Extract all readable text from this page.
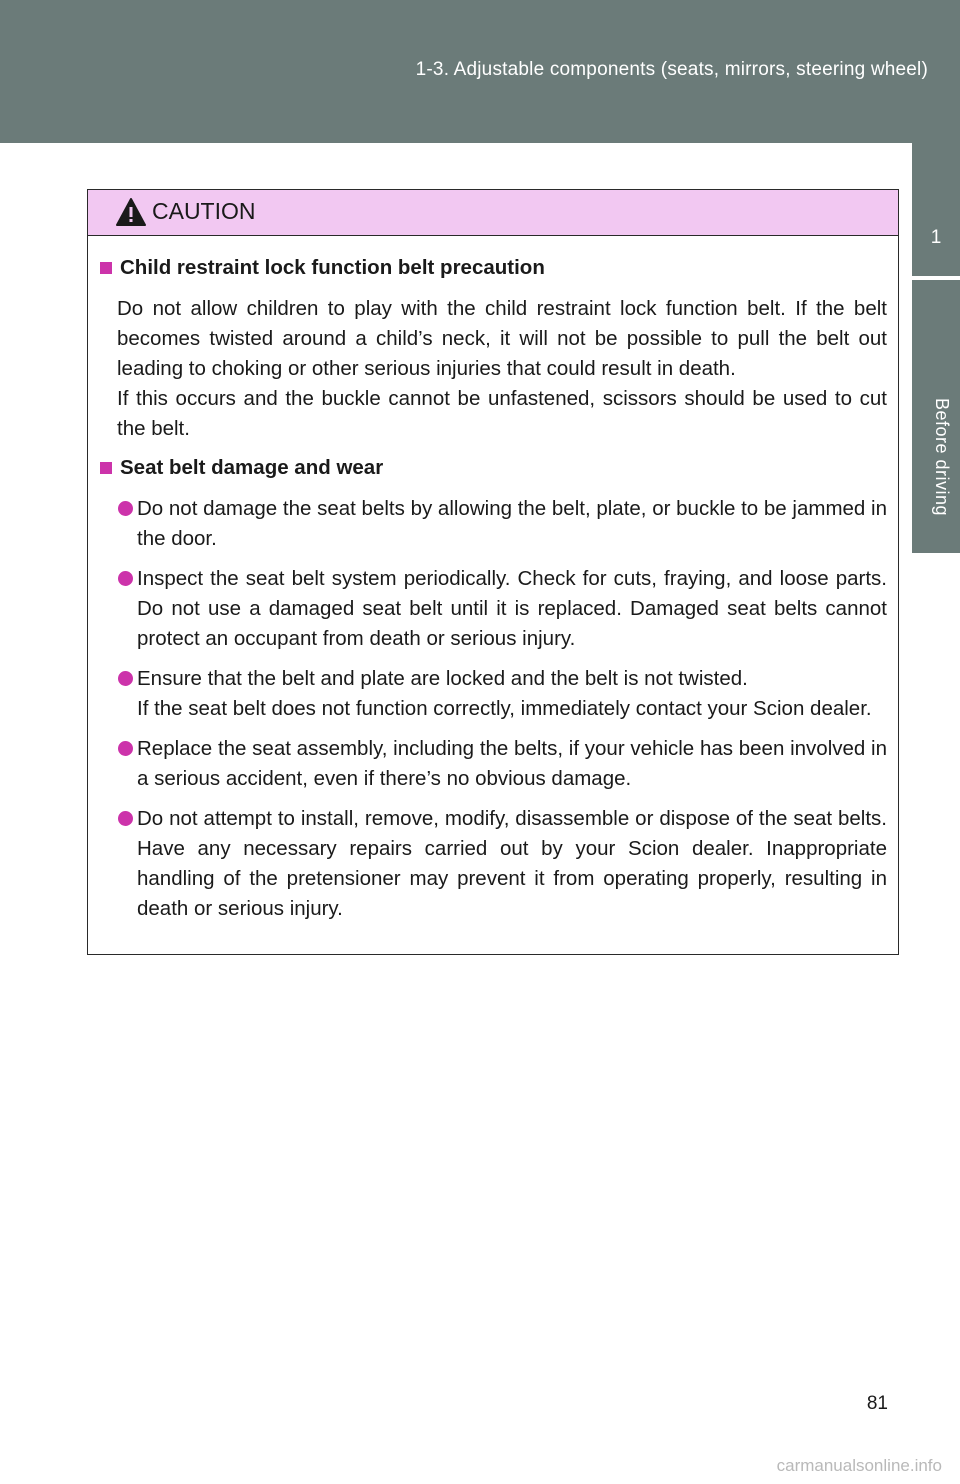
1-3. Adjustable components (seats, mirrors, steering wheel)
1
Before driving
CAUTION
Child restraint lock function belt precaution
Do not allow children to play with the child restraint lock function belt. If the belt becomes twisted around a child’s neck, it will not be possible to pull the belt out leading to choking or other serious injuries that could result in death.
If this occurs and the buckle cannot be unfastened, scissors should be used to cut the belt.
Seat belt damage and wear
Do not damage the seat belts by allowing the belt, plate, or buckle to be jammed in the door.
Inspect the seat belt system periodically. Check for cuts, fraying, and loose parts. Do not use a damaged seat belt until it is replaced. Damaged seat belts cannot protect an occupant from death or serious injury.
Ensure that the belt and plate are locked and the belt is not twisted.
If the seat belt does not function correctly, immediately contact your Scion dealer.
Replace the seat assembly, including the belts, if your vehicle has been involved in a serious accident, even if there’s no obvious damage.
Do not attempt to install, remove, modify, disassemble or dispose of the seat belts. Have any necessary repairs carried out by your Scion dealer. Inappropriate handling of the pretensioner may prevent it from operating properly, resulting in death or serious injury.
81
carmanualsonline.info
